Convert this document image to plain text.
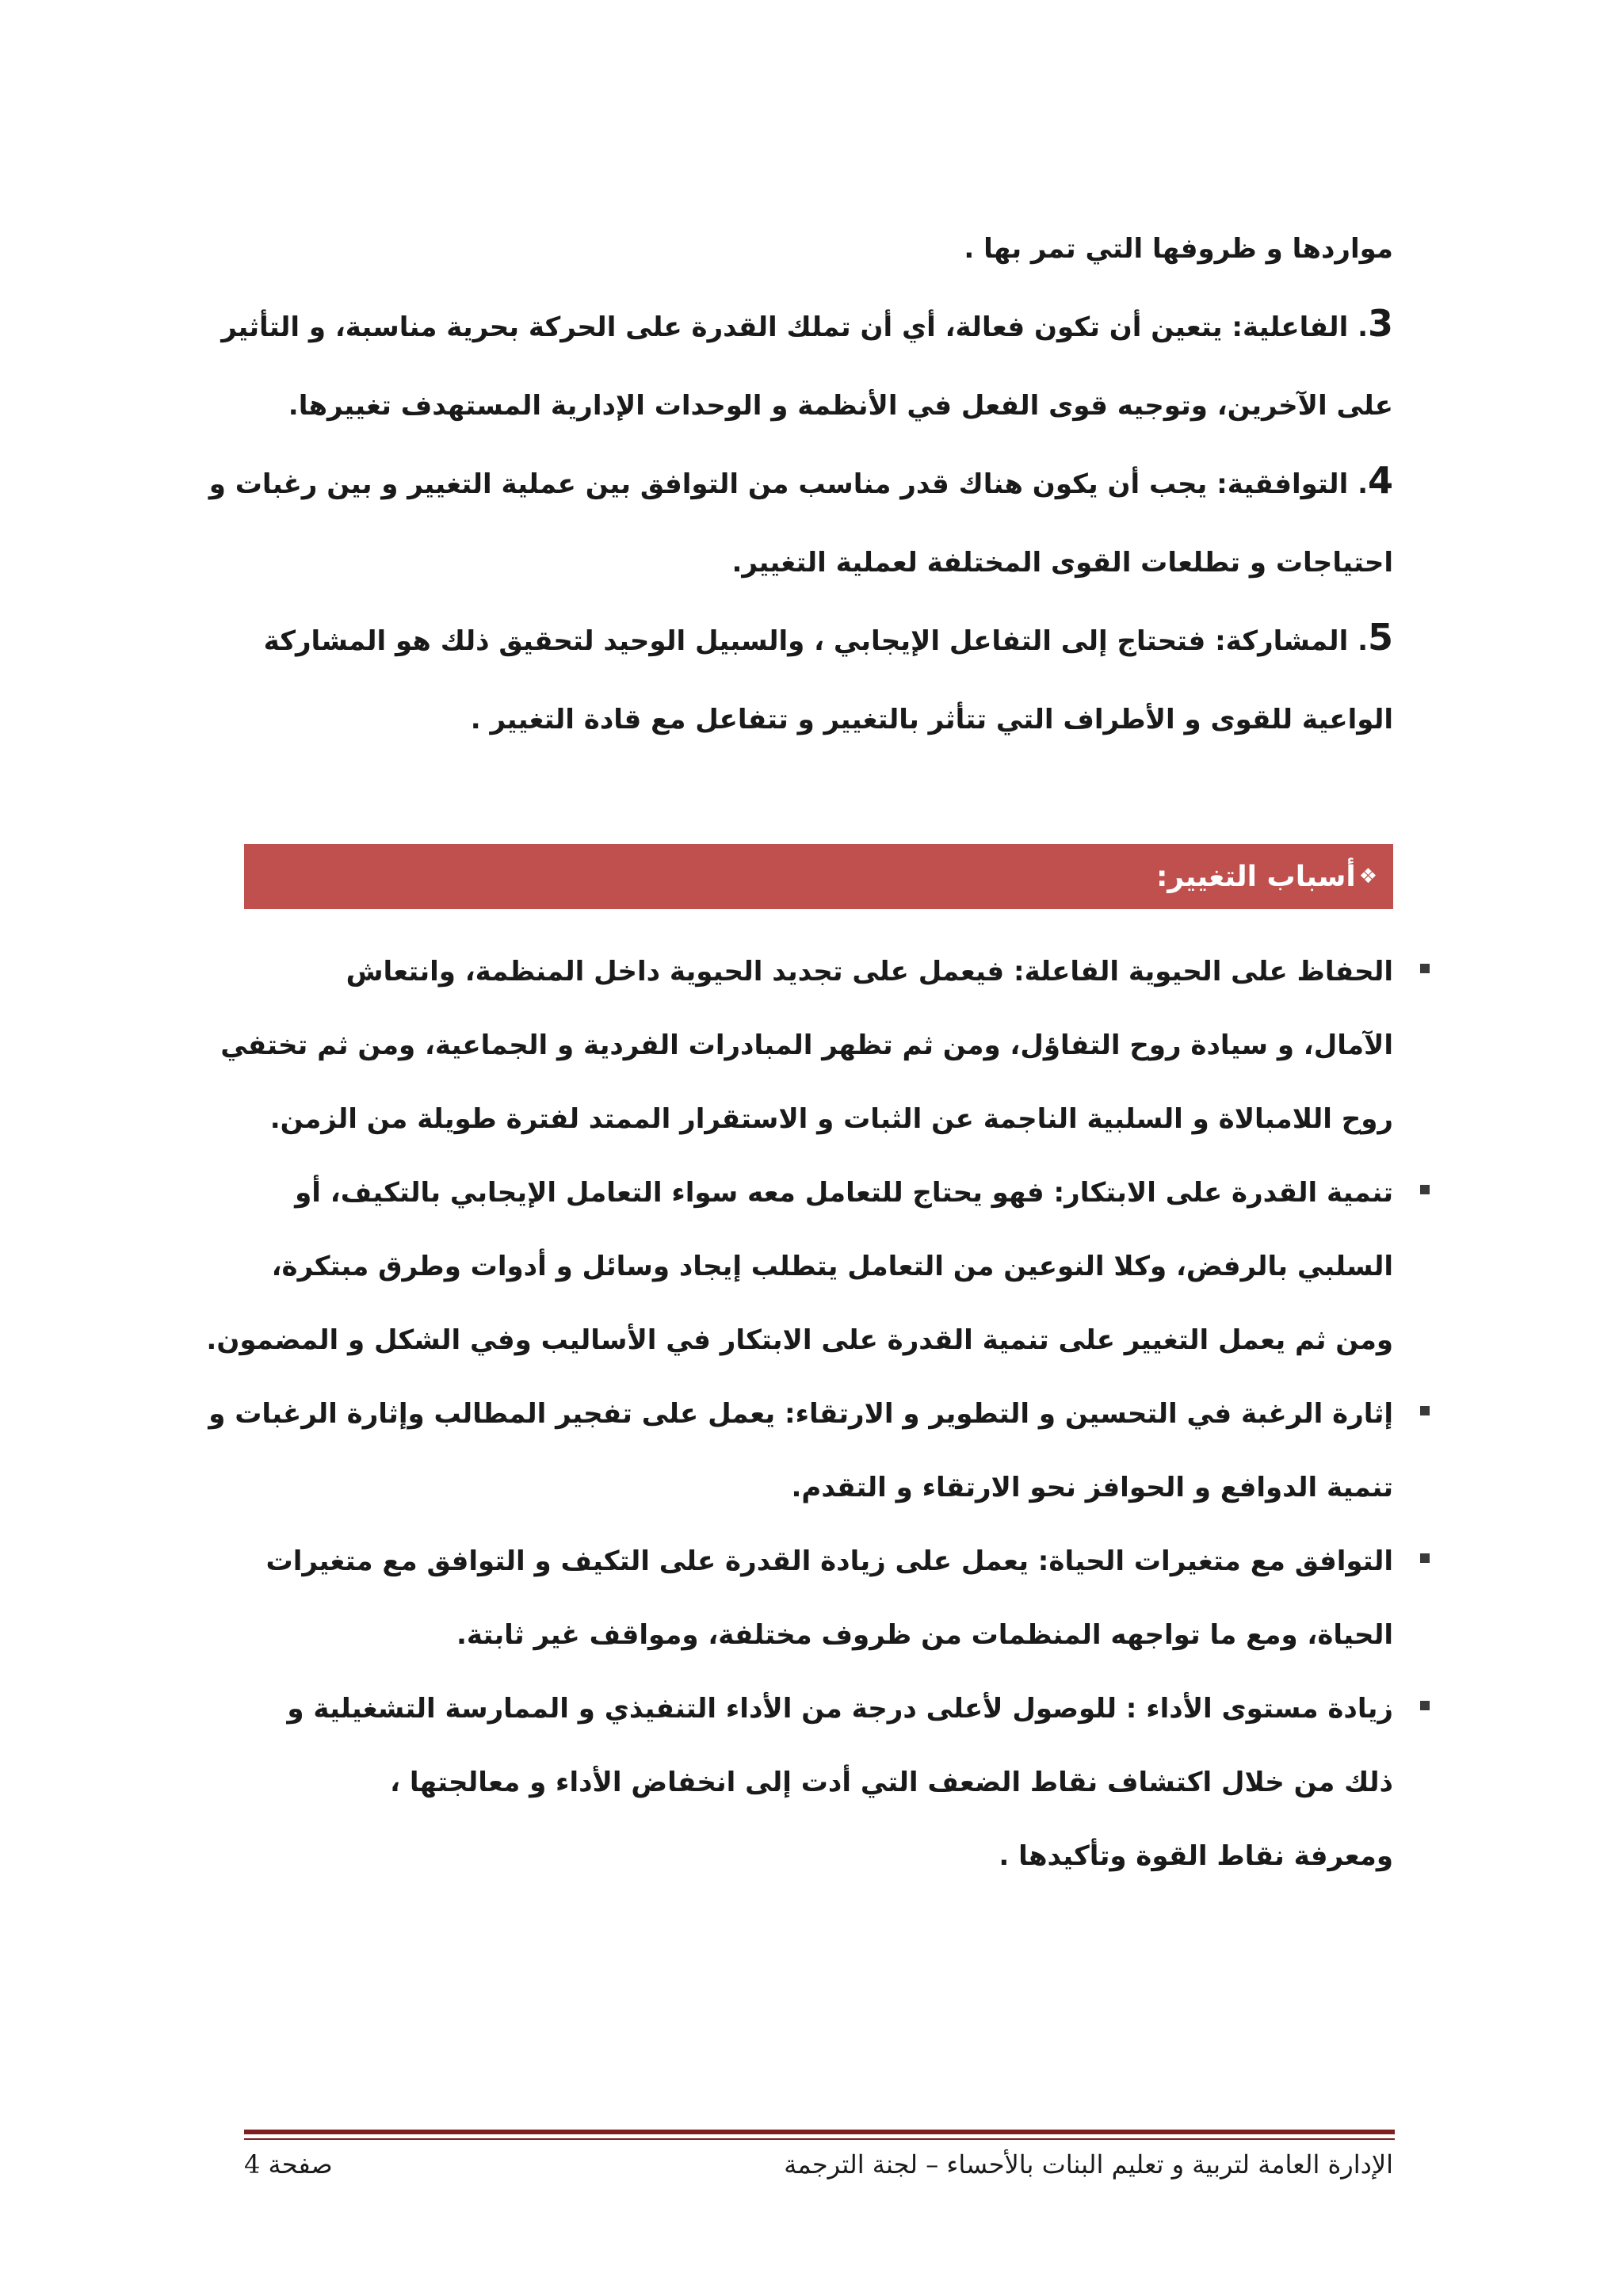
مواردها و ظروفها التي تمر بها .
3. الفاعلية: يتعين أن تكون فعالة، أي أن تملك القدرة على الحركة بحرية مناسبة، و التأثير
على الآخرين، وتوجيه قوى الفعل في الأنظمة و الوحدات الإدارية المستهدف تغييرها.
4. التوافقية: يجب أن يكون هناك قدر مناسب من التوافق بين عملية التغيير و بين رغبات و
احتياجات و تطلعات القوى المختلفة لعملية التغيير.
5. المشاركة: فتحتاج إلى التفاعل الإيجابي ، والسبيل الوحيد لتحقيق ذلك هو المشاركة
الواعية للقوى و الأطراف التي تتأثر بالتغيير و تتفاعل مع قادة التغيير .
❖
أسباب التغيير:
الحفاظ على الحيوية الفاعلة: فيعمل على تجديد الحيوية داخل المنظمة، وانتعاش
الآمال، و سيادة روح التفاؤل، ومن ثم تظهر المبادرات الفردية و الجماعية، ومن ثم تختفي
روح اللامبالاة و السلبية الناجمة عن الثبات و الاستقرار الممتد لفترة طويلة من الزمن.
تنمية القدرة على الابتكار: فهو يحتاج للتعامل معه سواء التعامل الإيجابي بالتكيف، أو
السلبي بالرفض، وكلا النوعين من التعامل يتطلب إيجاد وسائل و أدوات وطرق مبتكرة،
ومن ثم يعمل التغيير على تنمية القدرة على الابتكار في الأساليب وفي الشكل و المضمون.
إثارة الرغبة في التحسين و التطوير و الارتقاء: يعمل على تفجير المطالب وإثارة الرغبات و
تنمية الدوافع و الحوافز نحو الارتقاء و التقدم.
التوافق مع متغيرات الحياة: يعمل على زيادة القدرة على التكيف و التوافق مع متغيرات
الحياة، ومع ما تواجهه المنظمات من ظروف مختلفة، ومواقف غير ثابتة.
زيادة مستوى الأداء : للوصول لأعلى درجة من الأداء التنفيذي و الممارسة التشغيلية و
ذلك من خلال اكتشاف نقاط الضعف التي أدت إلى انخفاض الأداء و معالجتها ،
ومعرفة نقاط القوة وتأكيدها .
الإدارة العامة لتربية و تعليم البنات بالأحساء – لجنة الترجمة
صفحة 4
